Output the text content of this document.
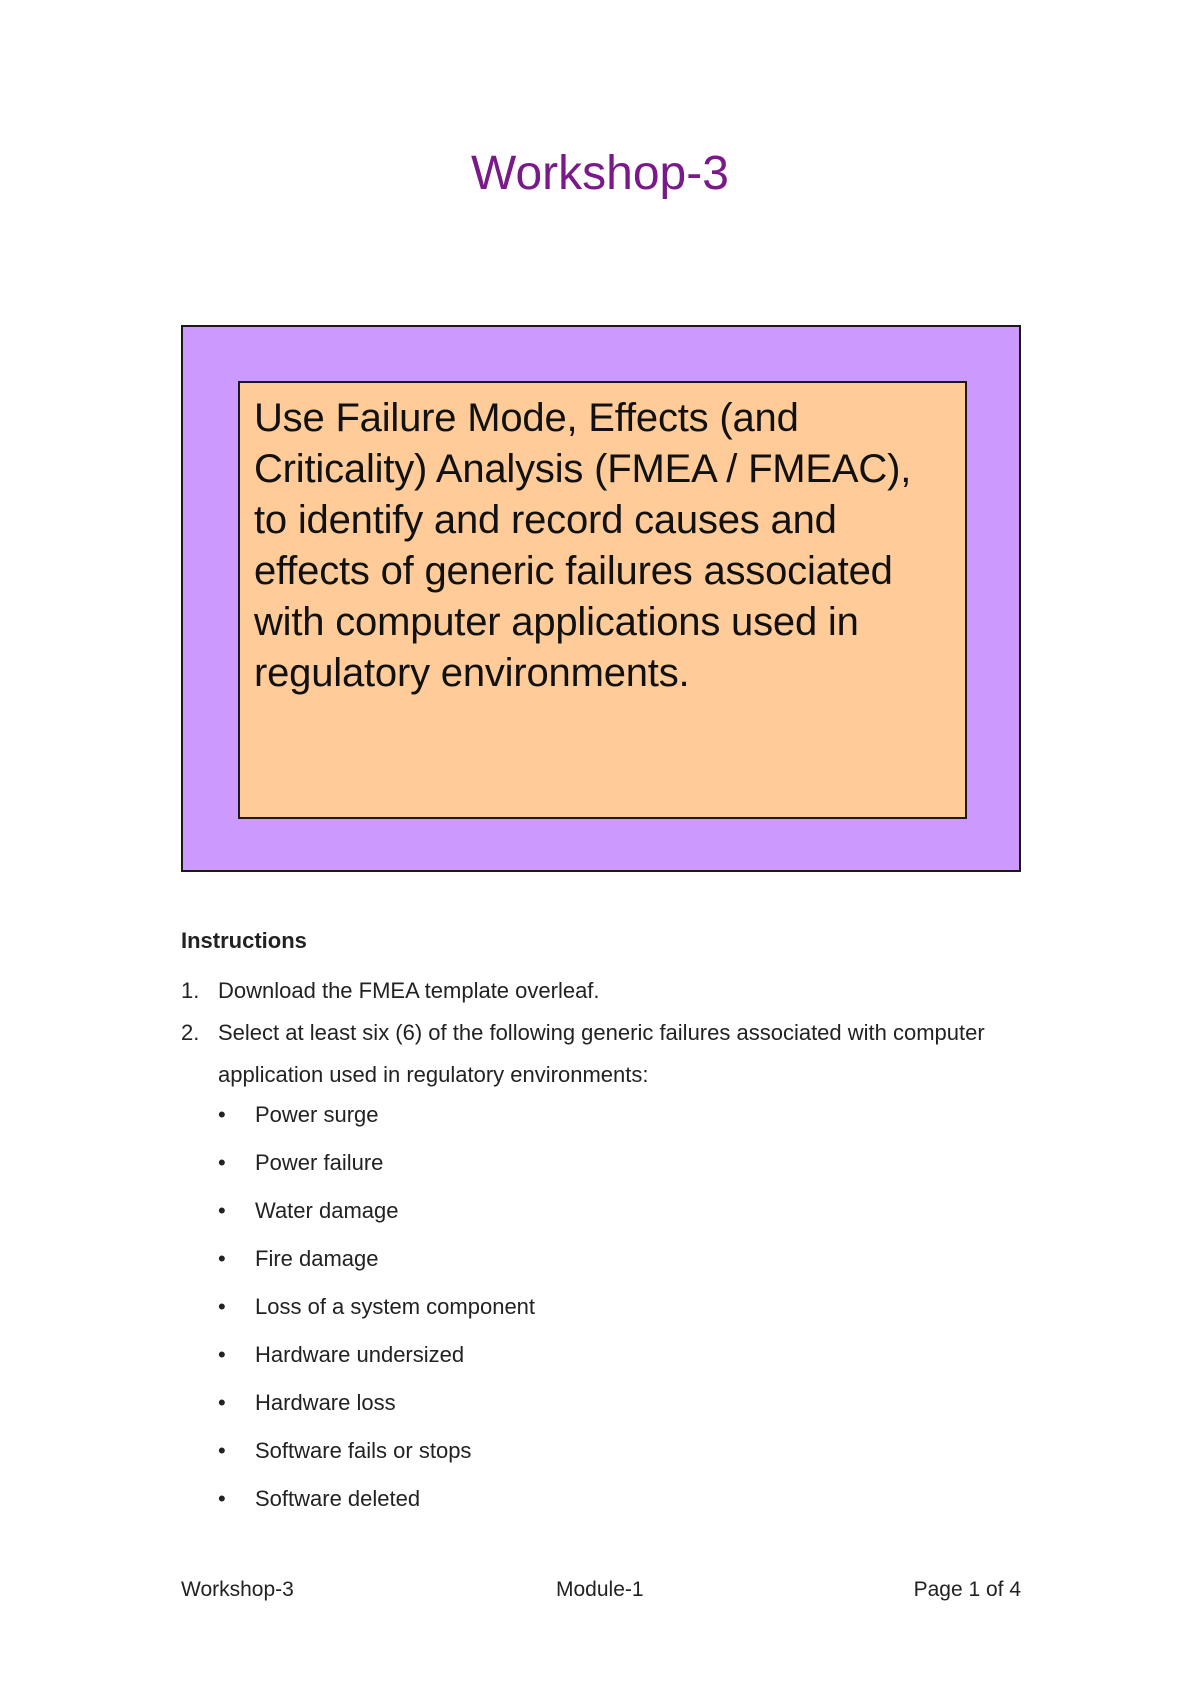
Workshop-3

Use Failure Mode, Effects (and Criticality) Analysis (FMEA / FMEAC), to identify and record causes and effects of generic failures associated with computer applications used in regulatory environments.

Instructions

1. Download the FMEA template overleaf.
2. Select at least six (6) of the following generic failures associated with computer application used in regulatory environments:
• Power surge
• Power failure
• Water damage
• Fire damage
• Loss of a system component
• Hardware undersized
• Hardware loss
• Software fails or stops
• Software deleted
Workshop-3	Module-1	Page 1 of 4
